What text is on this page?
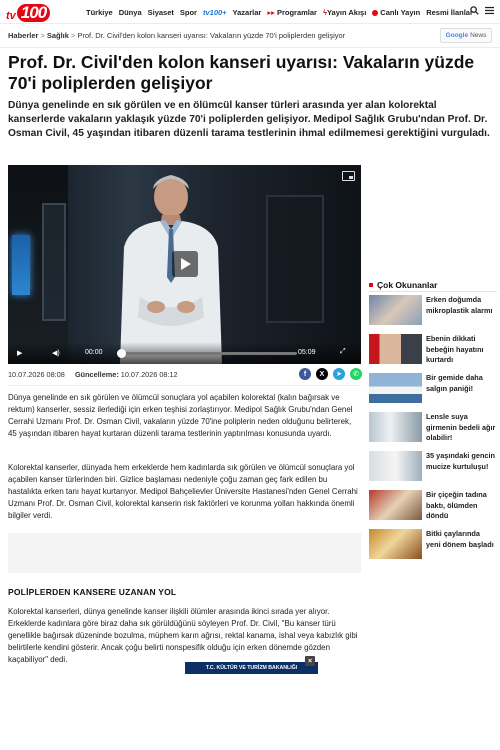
tv 100	Türkiye Dünya Siyaset Spor tv100+ Yazarlar ▸▸ Programlar ϟYayın Akışı	Canlı Yayın Resmi İlanlar
Haberler > Sağlık > Prof. Dr. Civil'den kolon kanseri uyarısı: Vakaların yüzde 70'i poliplerden gelişiyor	Google News
Prof. Dr. Civil'den kolon kanseri uyarısı: Vakaların yüzde 70'i poliplerden gelişiyor

Dünya genelinde en sık görülen ve en ölümcül kanser türleri arasında yer alan kolorektal kanserlerde vakaların yaklaşık yüzde 70'i poliplerden gelişiyor. Medipol Sağlık Grubu'ndan Prof. Dr. Osman Civil, 45 yaşından itibaren düzenli tarama testlerinin ihmal edilmemesi gerektiğini vurguladı.

▶	◀)	00:00	05:09	⤢
10.07.2026 08:08 Güncelleme: 10.07.2026 08:12	f	X	➤	✆

Dünya genelinde en sık görülen ve ölümcül sonuçlara yol açabilen kolorektal (kalın bağırsak ve rektum) kanserler, sessiz ilerlediği için erken teşhisi zorlaştırıyor. Medipol Sağlık Grubu'ndan Genel Cerrahi Uzmanı Prof. Dr. Osman Civil, vakaların yüzde 70'ine poliplerin neden olduğunu belirterek, 45 yaşından itibaren hayat kurtaran düzenli tarama testlerinin yaptırılması konusunda uyardı.

Kolorektal kanserler, dünyada hem erkeklerde hem kadınlarda sık görülen ve ölümcül sonuçlara yol açabilen kanser türlerinden biri. Gizlice başlaması nedeniyle çoğu zaman geç fark edilen bu hastalıkta erken tanı hayat kurtarıyor. Medipol Bahçelievler Üniversite Hastanesi'nden Genel Cerrahi Uzmanı Prof. Dr. Osman Civil, kolorektal kanserin risk faktörleri ve korunma yolları hakkında önemli bilgiler verdi.

POLİPLERDEN KANSERE UZANAN YOL

Kolorektal kanserleri, dünya genelinde kanser ilişkili ölümler arasında ikinci sırada yer alıyor. Erkeklerde kadınlara göre biraz daha sık görüldüğünü söyleyen Prof. Dr. Civil, "Bu kanser türü genellikle bağırsak düzeninde bozulma, müphem karın ağrısı, rektal kanama, ishal veya kabızlık gibi belirtilerle kendini gösterir. Ancak çoğu belirti nonspesifik olduğu için erken dönemde gözden kaçabiliyor" dedi.

T.C. KÜLTÜR VE TURİZM BAKANLIĞI
×
Çok Okunanlar
Erken doğumda mikroplastik alarmı
Ebenin dikkati bebeğin hayatını kurtardı
Bir gemide daha salgın paniği!
Lensle suya girmenin bedeli ağır olabilir!
35 yaşındaki gencin mucize kurtuluşu!
Bir çiçeğin tadına baktı, ölümden döndü
Bitki çaylarında yeni dönem başladı
